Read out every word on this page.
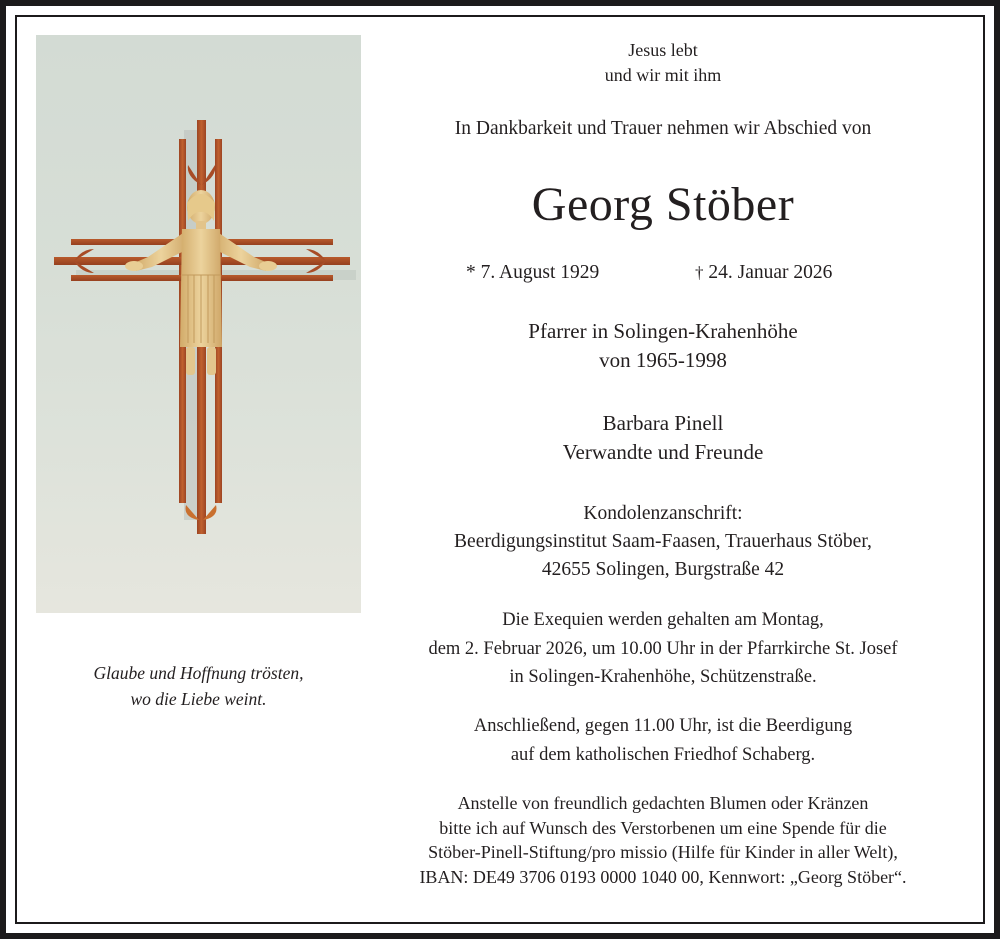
Glaube und Hoffnung trösten,
wo die Liebe weint.
Jesus lebt
und wir mit ihm
In Dankbarkeit und Trauer nehmen wir Abschied von
Georg Stöber
* 7. August 1929	† 24. Januar 2026
Pfarrer in Solingen-Krahenhöhe
von 1965-1998
Barbara Pinell
Verwandte und Freunde
Kondolenzanschrift:
Beerdigungsinstitut Saam-Faasen, Trauerhaus Stöber,
42655 Solingen, Burgstraße 42
Die Exequien werden gehalten am Montag,
dem 2. Februar 2026, um 10.00 Uhr in der Pfarrkirche St. Josef
in Solingen-Krahenhöhe, Schützenstraße.
Anschließend, gegen 11.00 Uhr, ist die Beerdigung
auf dem katholischen Friedhof Schaberg.
Anstelle von freundlich gedachten Blumen oder Kränzen
bitte ich auf Wunsch des Verstorbenen um eine Spende für die
Stöber-Pinell-Stiftung/pro missio (Hilfe für Kinder in aller Welt),
IBAN: DE49 3706 0193 0000 1040 00, Kennwort: „Georg Stöber“.
